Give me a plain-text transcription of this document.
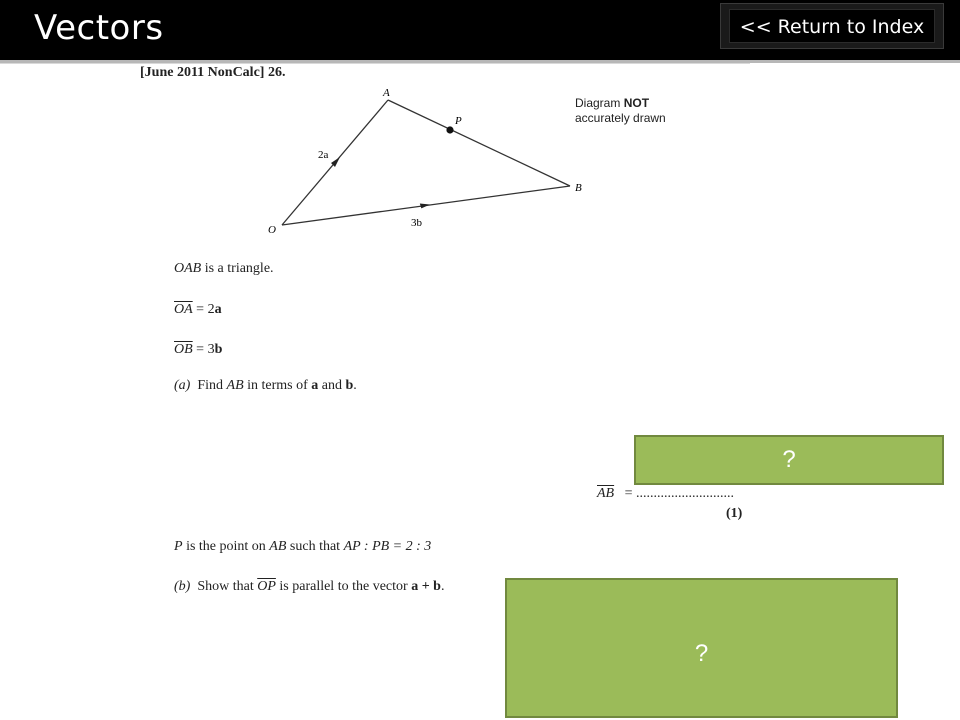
Vectors	<< Return to Index
[June 2011 NonCalc] 26.
A
B
O
P
2a
3b
Diagram NOT
accurately drawn
OAB is a triangle.
$\overline{OA} = 2a$
$\overline{OB} = 3b$
(a) Find AB in terms of a and b.
$\overline{AB}$ = ............................
(1)
P is the point on AB such that AP : PB = 2 : 3
(b) Show that $\overline{OP}$ is parallel to the vector a + b.
?
?
